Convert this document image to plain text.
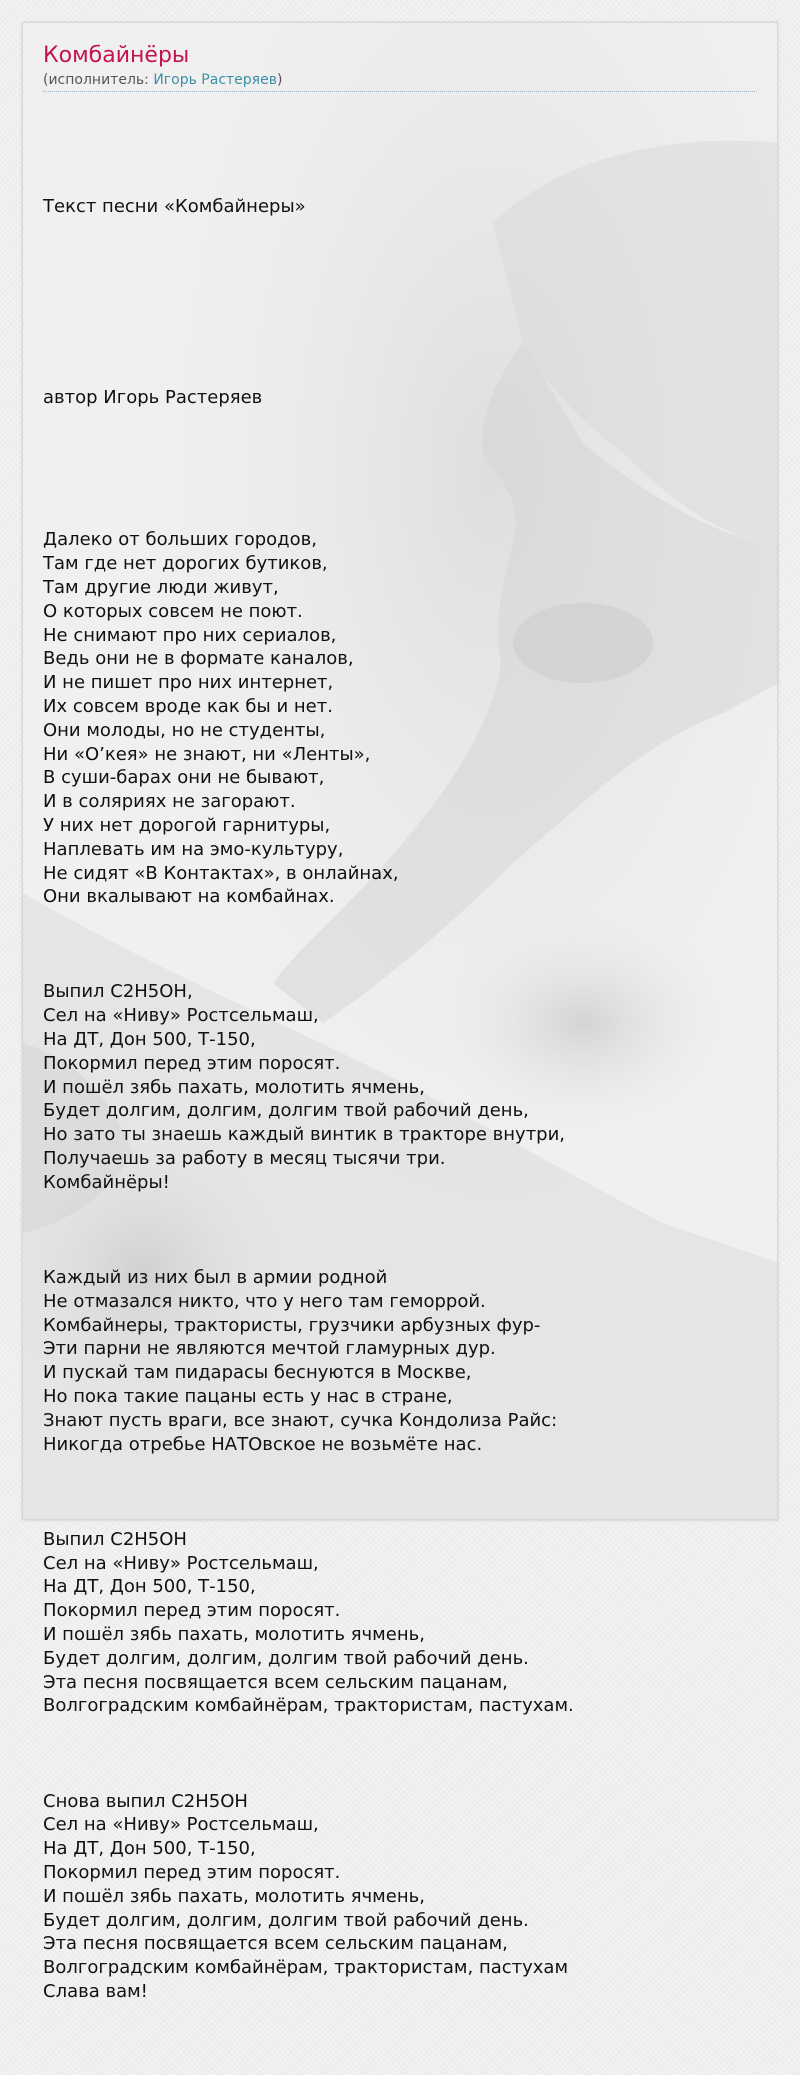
Комбайнёры
(исполнитель: Игорь Растеряев)

Текст песни «Комбайнеры»

автор Игорь Растеряев

Далеко от больших городов,
Там где нет дорогих бутиков,
Там другие люди живут,
О которых совсем не поют.
Не снимают про них сериалов,
Ведь они не в формате каналов,
И не пишет про них интернет,
Их совсем вроде как бы и нет.
Они молоды, но не студенты,
Ни «О’кея» не знают, ни «Ленты»,
В суши-барах они не бывают,
И в соляриях не загорают.
У них нет дорогой гарнитуры,
Наплевать им на эмо-культуру,
Не сидят «В Контактах», в онлайнах,
Они вкалывают на комбайнах.

Выпил С2Н5ОН,
Сел на «Ниву» Ростсельмаш,
На ДТ, Дон 500, Т-150,
Покормил перед этим поросят.
И пошёл зябь пахать, молотить ячмень,
Будет долгим, долгим, долгим твой рабочий день,
Но зато ты знаешь каждый винтик в тракторе внутри,
Получаешь за работу в месяц тысячи три.
Комбайнёры!

Каждый из них был в армии родной
Не отмазался никто, что у него там геморрой.
Комбайнеры, трактористы, грузчики арбузных фур-
Эти парни не являются мечтой гламурных дур.
И пускай там пидарасы беснуются в Москве,
Но пока такие пацаны есть у нас в стране,
Знают пусть враги, все знают, сучка Кондолиза Райс:
Никогда отребье НАТОвское не возьмёте нас.

Выпил С2Н5ОН
Сел на «Ниву» Ростсельмаш,
На ДТ, Дон 500, Т-150,
Покормил перед этим поросят.
И пошёл зябь пахать, молотить ячмень,
Будет долгим, долгим, долгим твой рабочий день.
Эта песня посвящается всем сельским пацанам,
Волгоградским комбайнёрам, трактористам, пастухам.

Снова выпил С2Н5ОН
Сел на «Ниву» Ростсельмаш,
На ДТ, Дон 500, Т-150,
Покормил перед этим поросят.
И пошёл зябь пахать, молотить ячмень,
Будет долгим, долгим, долгим твой рабочий день.
Эта песня посвящается всем сельским пацанам,
Волгоградским комбайнёрам, трактористам, пастухам
Слава вам!
